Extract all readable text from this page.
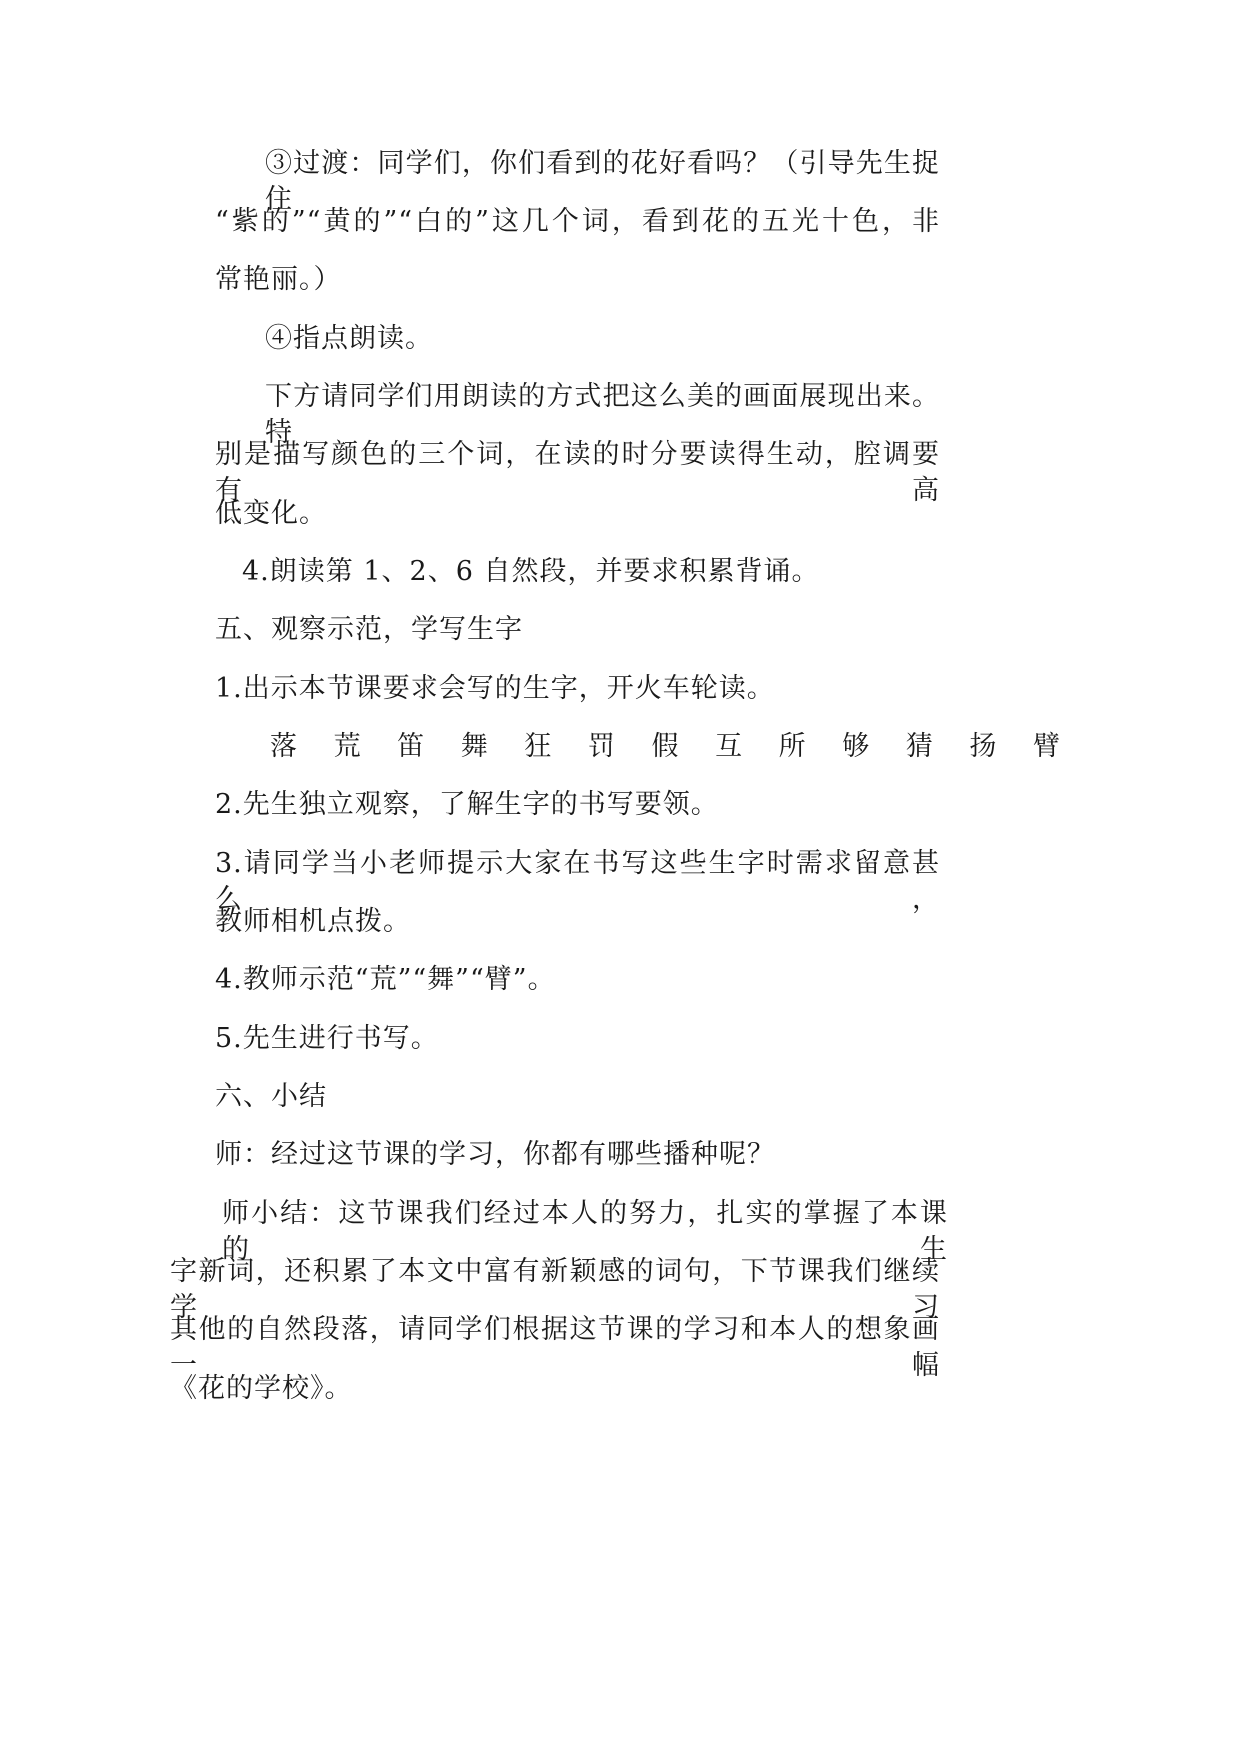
③过渡：同学们，你们看到的花好看吗？（引导先生捉住
“紫的”“黄的”“白的”这几个词，看到花的五光十色，非
常艳丽。）
④指点朗读。
下方请同学们用朗读的方式把这么美的画面展现出来。特
别是描写颜色的三个词，在读的时分要读得生动，腔调要有高
低变化。
4.朗读第 1、2、6 自然段，并要求积累背诵。
五、观察示范，学写生字
1.出示本节课要求会写的生字，开火车轮读。
落 荒 笛 舞 狂 罚 假 互 所 够 猜 扬 臂
2.先生独立观察，了解生字的书写要领。
3.请同学当小老师提示大家在书写这些生字时需求留意甚么，
教师相机点拨。
4.教师示范“荒”“舞”“臂”。
5.先生进行书写。
六、小结
师：经过这节课的学习，你都有哪些播种呢？
师小结：这节课我们经过本人的努力，扎实的掌握了本课的生
字新词，还积累了本文中富有新颖感的词句，下节课我们继续学习
其他的自然段落，请同学们根据这节课的学习和本人的想象画一幅
《花的学校》。
